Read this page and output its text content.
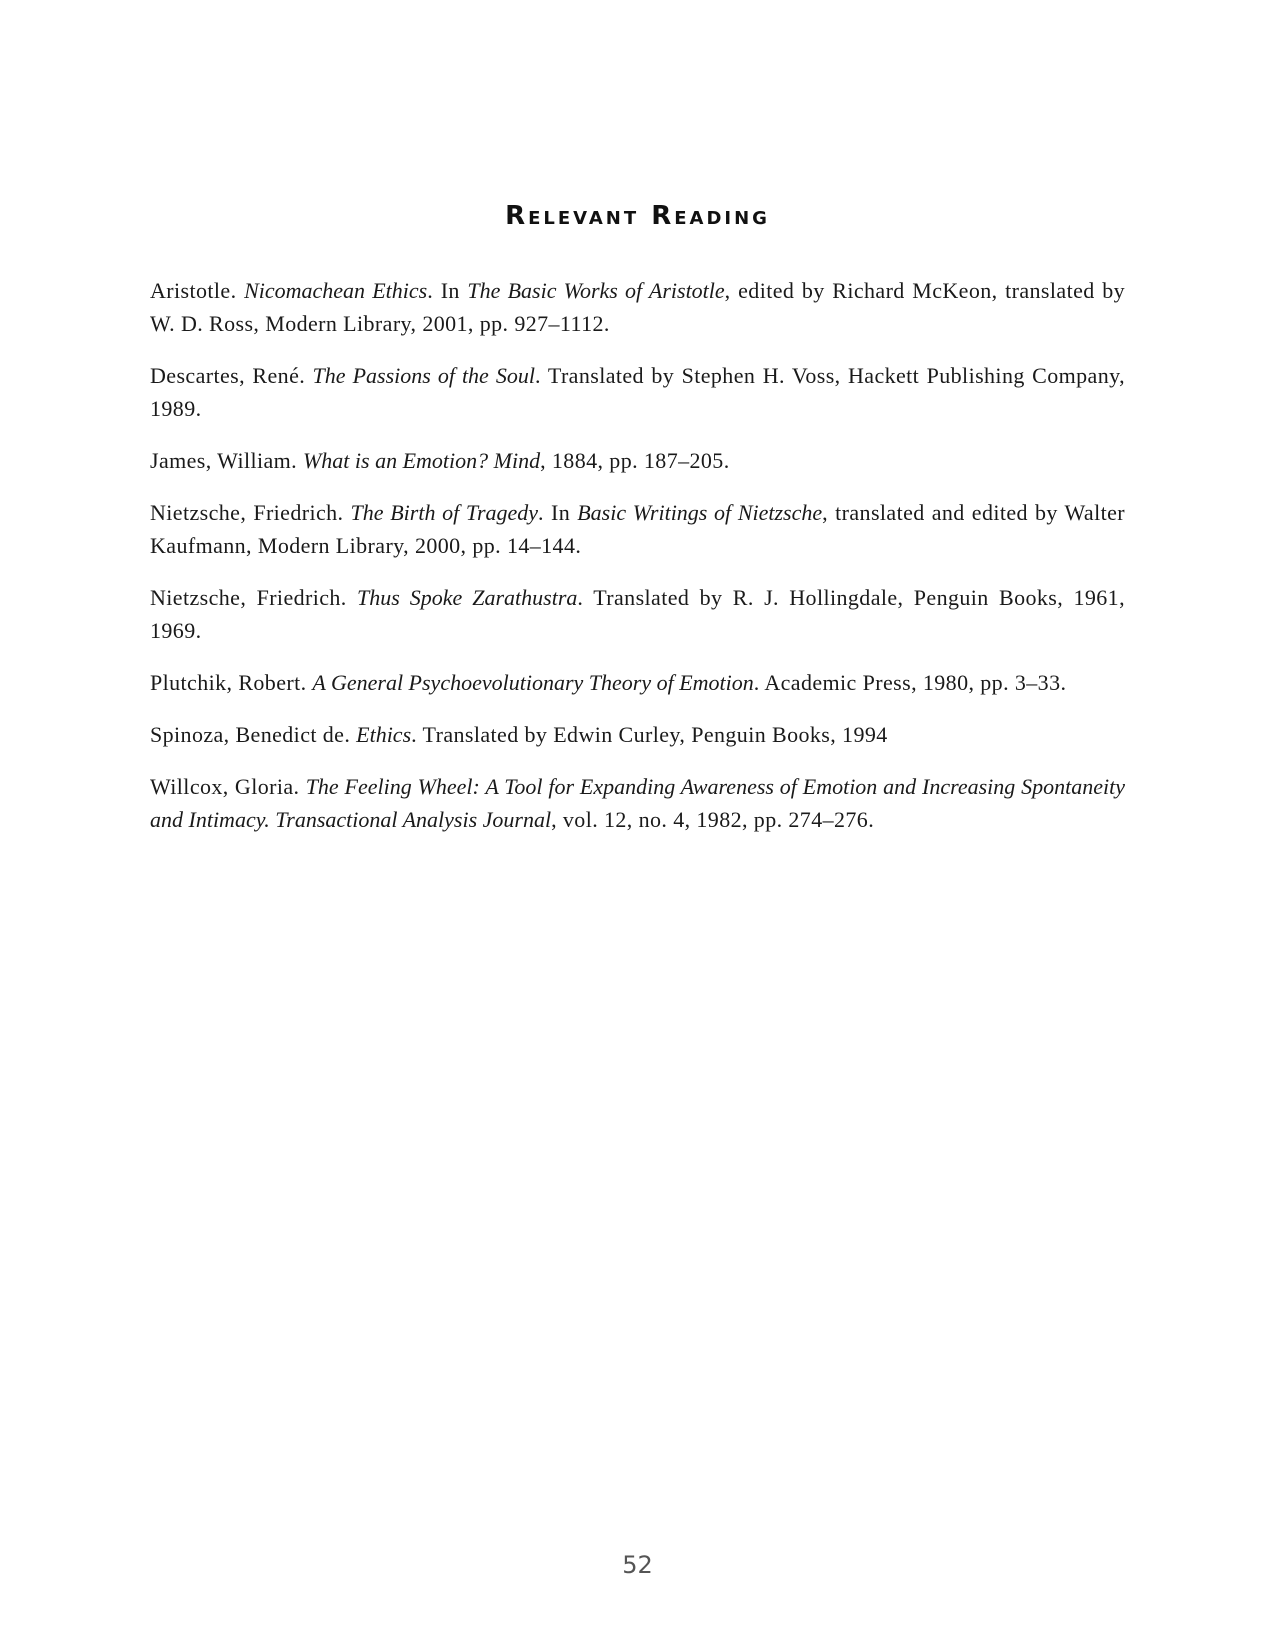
Relevant Reading
Aristotle. Nicomachean Ethics. In The Basic Works of Aristotle, edited by Richard McKeon, translated by W. D. Ross, Modern Library, 2001, pp. 927–1112.
Descartes, René. The Passions of the Soul. Translated by Stephen H. Voss, Hackett Publishing Company, 1989.
James, William. What is an Emotion? Mind, 1884, pp. 187–205.
Nietzsche, Friedrich. The Birth of Tragedy. In Basic Writings of Nietzsche, translated and edited by Walter Kaufmann, Modern Library, 2000, pp. 14–144.
Nietzsche, Friedrich. Thus Spoke Zarathustra. Translated by R. J. Hollingdale, Penguin Books, 1961, 1969.
Plutchik, Robert. A General Psychoevolutionary Theory of Emotion. Academic Press, 1980, pp. 3–33.
Spinoza, Benedict de. Ethics. Translated by Edwin Curley, Penguin Books, 1994
Willcox, Gloria. The Feeling Wheel: A Tool for Expanding Awareness of Emotion and Increasing Spontaneity and Intimacy. Transactional Analysis Journal, vol. 12, no. 4, 1982, pp. 274–276.
52
